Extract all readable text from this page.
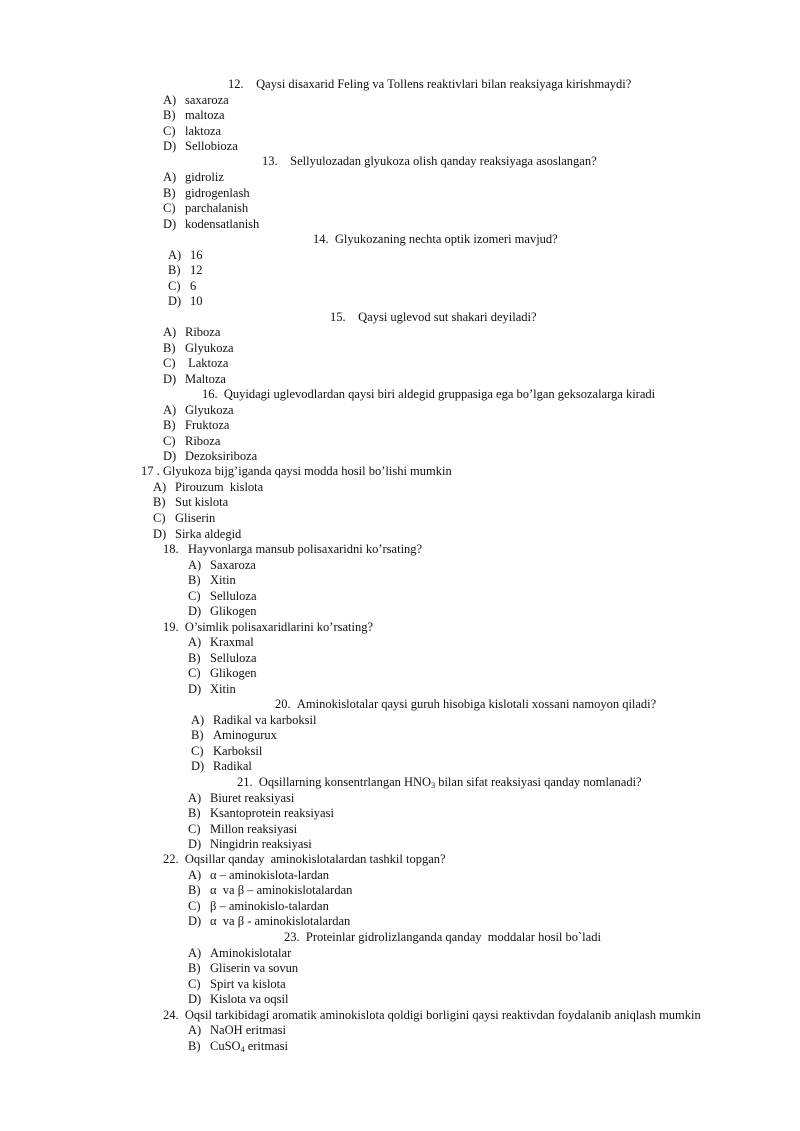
12. Qaysi disaxarid Feling va Tollens reaktivlari bilan reaksiyaga kirishmaydi?
A) saxaroza
B) maltoza
C) laktoza
D) Sellobioza
13. Sellyulozadan glyukoza olish qanday reaksiyaga asoslangan?
A) gidroliz
B) gidrogenlash
C) parchalanish
D) kodensatlanish
14. Glyukozaning nechta optik izomeri mavjud?
A) 16
B) 12
C) 6
D) 10
15. Qaysi uglevod sut shakari deyiladi?
A) Riboza
B) Glyukoza
C) Laktoza
D) Maltoza
16. Quyidagi uglevodlardan qaysi biri aldegid gruppasiga ega bo’lgan geksozalarga kiradi
A) Glyukoza
B) Fruktoza
C) Riboza
D) Dezoksiriboza
17 . Glyukoza bijg’iganda qaysi modda hosil bo’lishi mumkin
A) Pirouzum  kislota
B) Sut kislota
C) Gliserin
D) Sirka aldegid
18. Hayvonlarga mansub polisaxaridni ko’rsating?
A) Saxaroza
B) Xitin
C) Selluloza
D) Glikogen
19. O’simlik polisaxaridlarini ko’rsating?
A) Kraxmal
B) Selluloza
C) Glikogen
D) Xitin
20. Aminokislotalar qaysi guruh hisobiga kislotali xossani namoyon qiladi?
A) Radikal va karboksil
B) Aminogurux
C) Karboksil
D) Radikal
21. Oqsillarning konsentrlangan $HNO_3$ bilan sifat reaksiyasi qanday nomlanadi?
A) Biuret reaksiyasi
B) Ksantoprotein reaksiyasi
C) Millon reaksiyasi
D) Ningidrin reaksiyasi
22. Oqsillar qanday  aminokislotalardan tashkil topgan?
A) α – aminokislota-lardan
B) α  va β – aminokislotalardan
C) β – aminokislo-talardan
D) α  va β - aminokislotalardan
23. Proteinlar gidrolizlanganda qanday  moddalar hosil bo`ladi
A) Aminokislotalar
B) Gliserin va sovun
C) Spirt va kislota
D) Kislota va oqsil
24. Oqsil tarkibidagi aromatik aminokislota qoldigi borligini qaysi reaktivdan foydalanib aniqlash mumkin
A) NaOH eritmasi
B) CuSO$_4$ eritmasi
